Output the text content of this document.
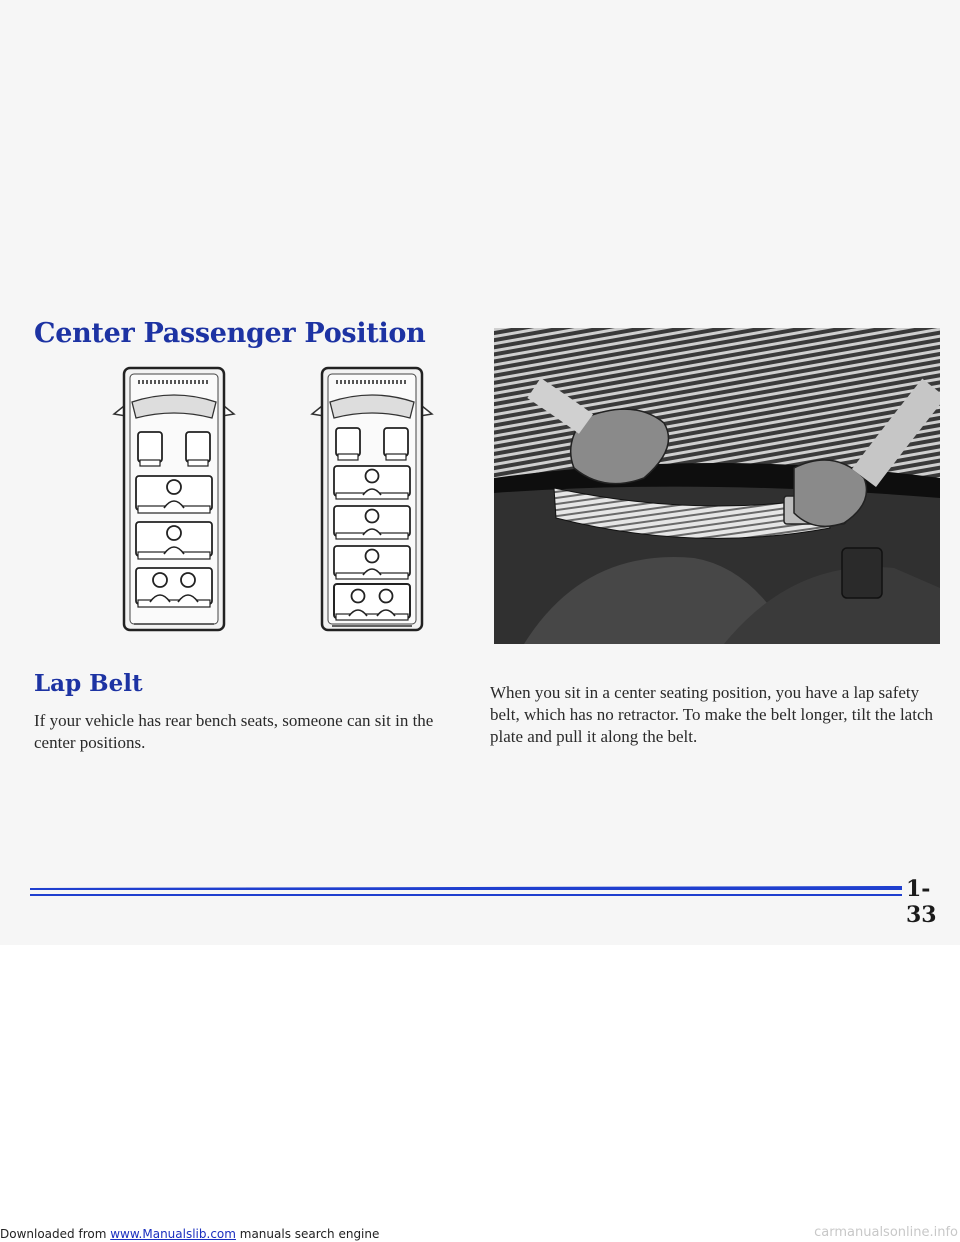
Center Passenger Position
Lap Belt

If your vehicle has rear bench seats, someone can sit in the center positions.

When you sit in a center seating position, you have a lap safety belt, which has no retractor. To make the belt longer, tilt the latch plate and pull it along the belt.

1-33

Downloaded from www.Manualslib.com manuals search engine	carmanualsonline.info
